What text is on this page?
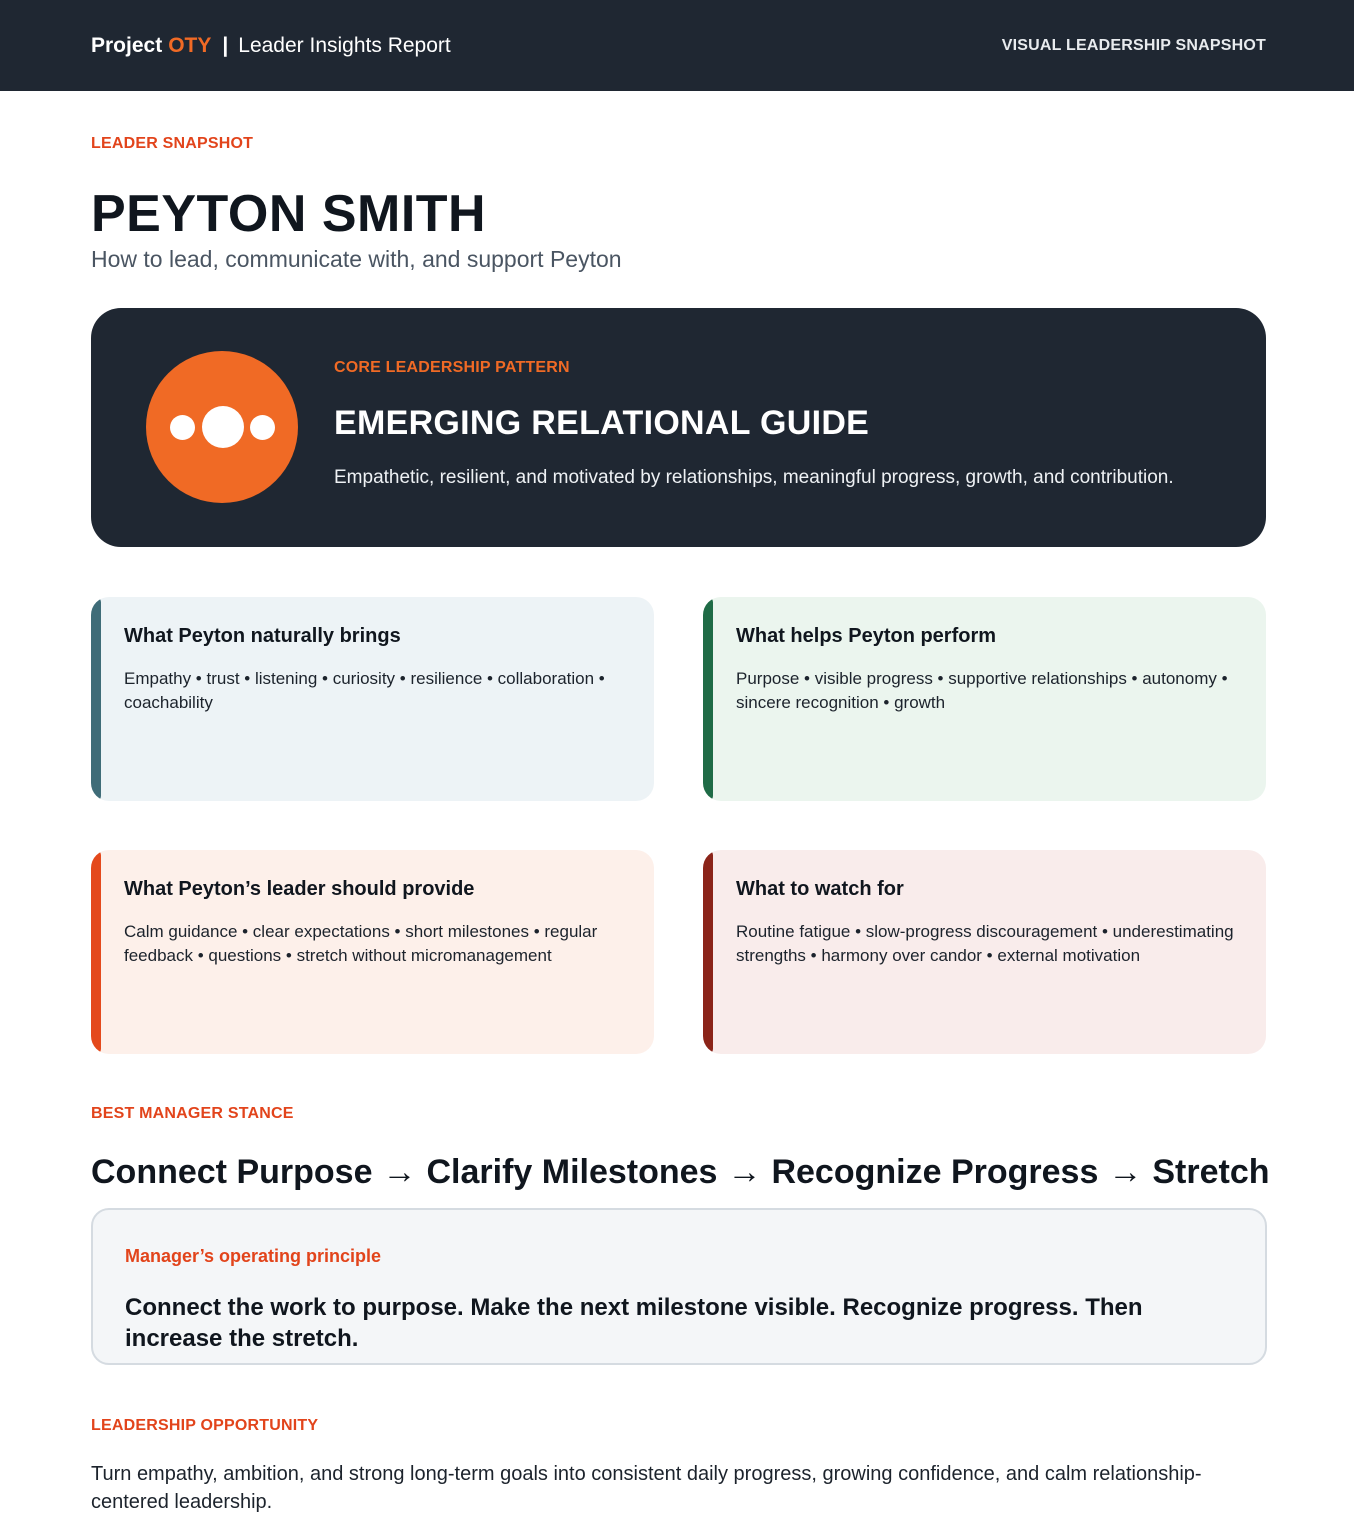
Project OTY | Leader Insights Report	VISUAL LEADERSHIP SNAPSHOT
LEADER SNAPSHOT
PEYTON SMITH
How to lead, communicate with, and support Peyton
CORE LEADERSHIP PATTERN
EMERGING RELATIONAL GUIDE
Empathetic, resilient, and motivated by relationships, meaningful progress, growth, and contribution.
What Peyton naturally brings
Empathy • trust • listening • curiosity • resilience • collaboration • coachability
What helps Peyton perform
Purpose • visible progress • supportive relationships • autonomy • sincere recognition • growth
What Peyton’s leader should provide
Calm guidance • clear expectations • short milestones • regular feedback • questions • stretch without micromanagement
What to watch for
Routine fatigue • slow-progress discouragement • underestimating strengths • harmony over candor • external motivation
BEST MANAGER STANCE
Connect Purpose → Clarify Milestones → Recognize Progress → Stretch
Manager’s operating principle
Connect the work to purpose. Make the next milestone visible. Recognize progress. Then increase the stretch.
LEADERSHIP OPPORTUNITY
Turn empathy, ambition, and strong long-term goals into consistent daily progress, growing confidence, and calm relationship-centered leadership.
